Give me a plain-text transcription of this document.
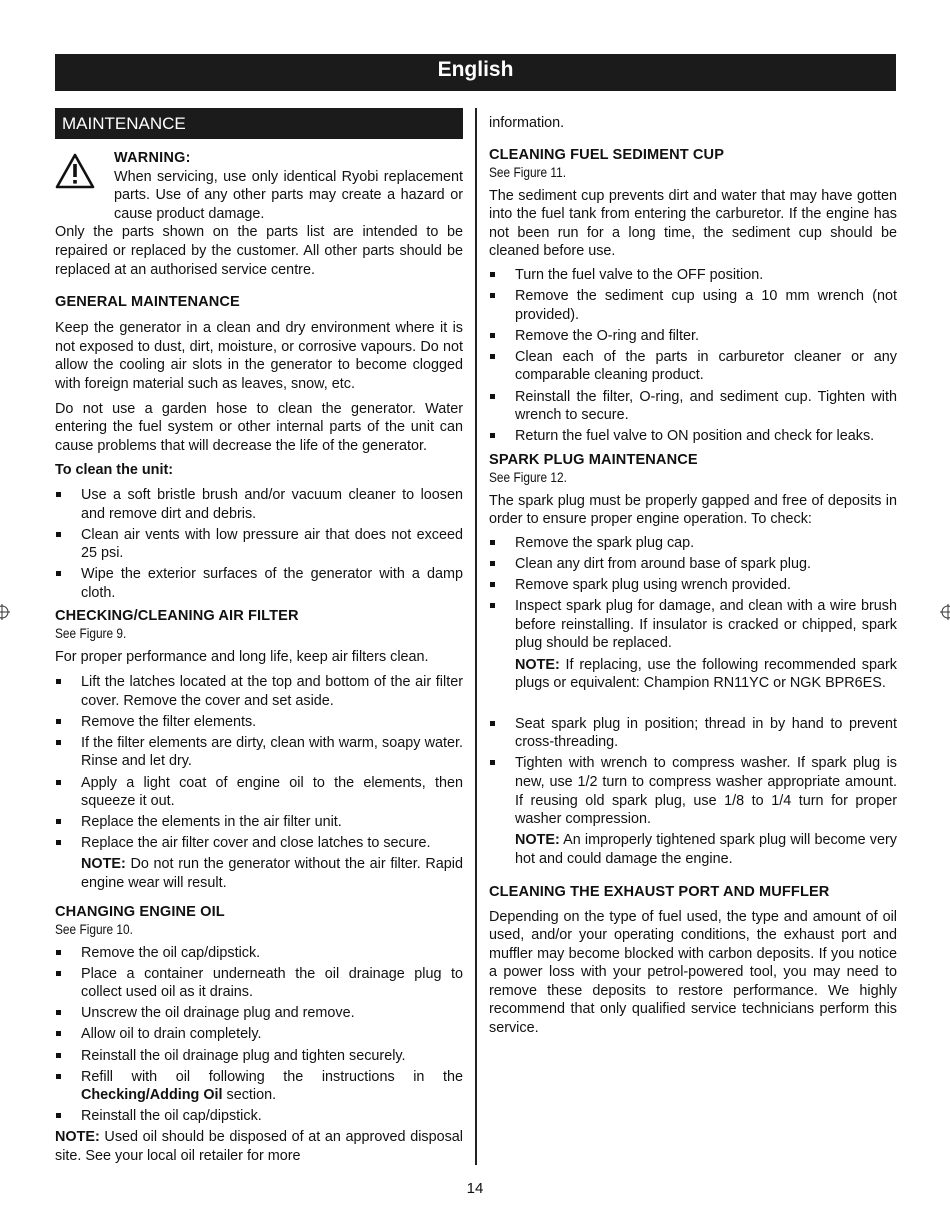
English
MAINTENANCE
WARNING:
When servicing, use only identical Ryobi replacement parts. Use of any other parts may create a hazard or cause product damage.

Only the parts shown on the parts list are intended to be repaired or replaced by the customer. All other parts should be replaced at an authorised service centre.

GENERAL MAINTENANCE

Keep the generator in a clean and dry environment where it is not exposed to dust, dirt, moisture, or corrosive vapours. Do not allow the cooling air slots in the generator to become clogged with foreign material such as leaves, snow, etc.

Do not use a garden hose to clean the generator. Water entering the fuel system or other internal parts of the unit can cause problems that will decrease the life of the generator.

To clean the unit:
Use a soft bristle brush and/or vacuum cleaner to loosen and remove dirt and debris.
Clean air vents with low pressure air that does not exceed 25 psi.
Wipe the exterior surfaces of the generator with a damp cloth.
CHECKING/CLEANING AIR FILTER
See Figure 9.

For proper performance and long life, keep air filters clean.

Lift the latches located at the top and bottom of the air filter cover. Remove the cover and set aside.
Remove the filter elements.
If the filter elements are dirty, clean with warm, soapy water. Rinse and let dry.
Apply a light coat of engine oil to the elements, then squeeze it out.
Replace the elements in the air filter unit.
Replace the air filter cover and close latches to secure.
NOTE: Do not run the generator without the air filter. Rapid engine wear will result.
CHANGING ENGINE OIL
See Figure 10.
Remove the oil cap/dipstick.
Place a container underneath the oil drainage plug to collect used oil as it drains.
Unscrew the oil drainage plug and remove.
Allow oil to drain completely.
Reinstall the oil drainage plug and tighten securely.
Refill with oil following the instructions in the Checking/Adding Oil section.
Reinstall the oil cap/dipstick.

NOTE: Used oil should be disposed of at an approved disposal site. See your local oil retailer for more

information.

CLEANING FUEL SEDIMENT CUP
See Figure 11.

The sediment cup prevents dirt and water that may have gotten into the fuel tank from entering the carburetor. If the engine has not been run for a long time, the sediment cup should be cleaned before use.

Turn the fuel valve to the OFF position.
Remove the sediment cup using a 10 mm wrench (not provided).
Remove the O-ring and filter.
Clean each of the parts in carburetor cleaner or any comparable cleaning product.
Reinstall the filter, O-ring, and sediment cup. Tighten with wrench to secure.
Return the fuel valve to ON position and check for leaks.
SPARK PLUG MAINTENANCE
See Figure 12.

The spark plug must be properly gapped and free of deposits in order to ensure proper engine operation. To check:

Remove the spark plug cap.
Clean any dirt from around base of spark plug.
Remove spark plug using wrench provided.
Inspect spark plug for damage, and clean with a wire brush before reinstalling. If insulator is cracked or chipped, spark plug should be replaced.
NOTE: If replacing, use the following recommended spark plugs or equivalent: Champion RN11YC or NGK BPR6ES.
Seat spark plug in position; thread in by hand to prevent cross-threading.
Tighten with wrench to compress washer. If spark plug is new, use 1/2 turn to compress washer appropriate amount. If reusing old spark plug, use 1/8 to 1/4 turn for proper washer compression.
NOTE: An improperly tightened spark plug will become very hot and could damage the engine.
CLEANING THE EXHAUST PORT AND MUFFLER

Depending on the type of fuel used, the type and amount of oil used, and/or your operating conditions, the exhaust port and muffler may become blocked with carbon deposits. If you notice a power loss with your petrol-powered tool, you may need to remove these deposits to restore performance. We highly recommend that only qualified service technicians perform this service.

14
